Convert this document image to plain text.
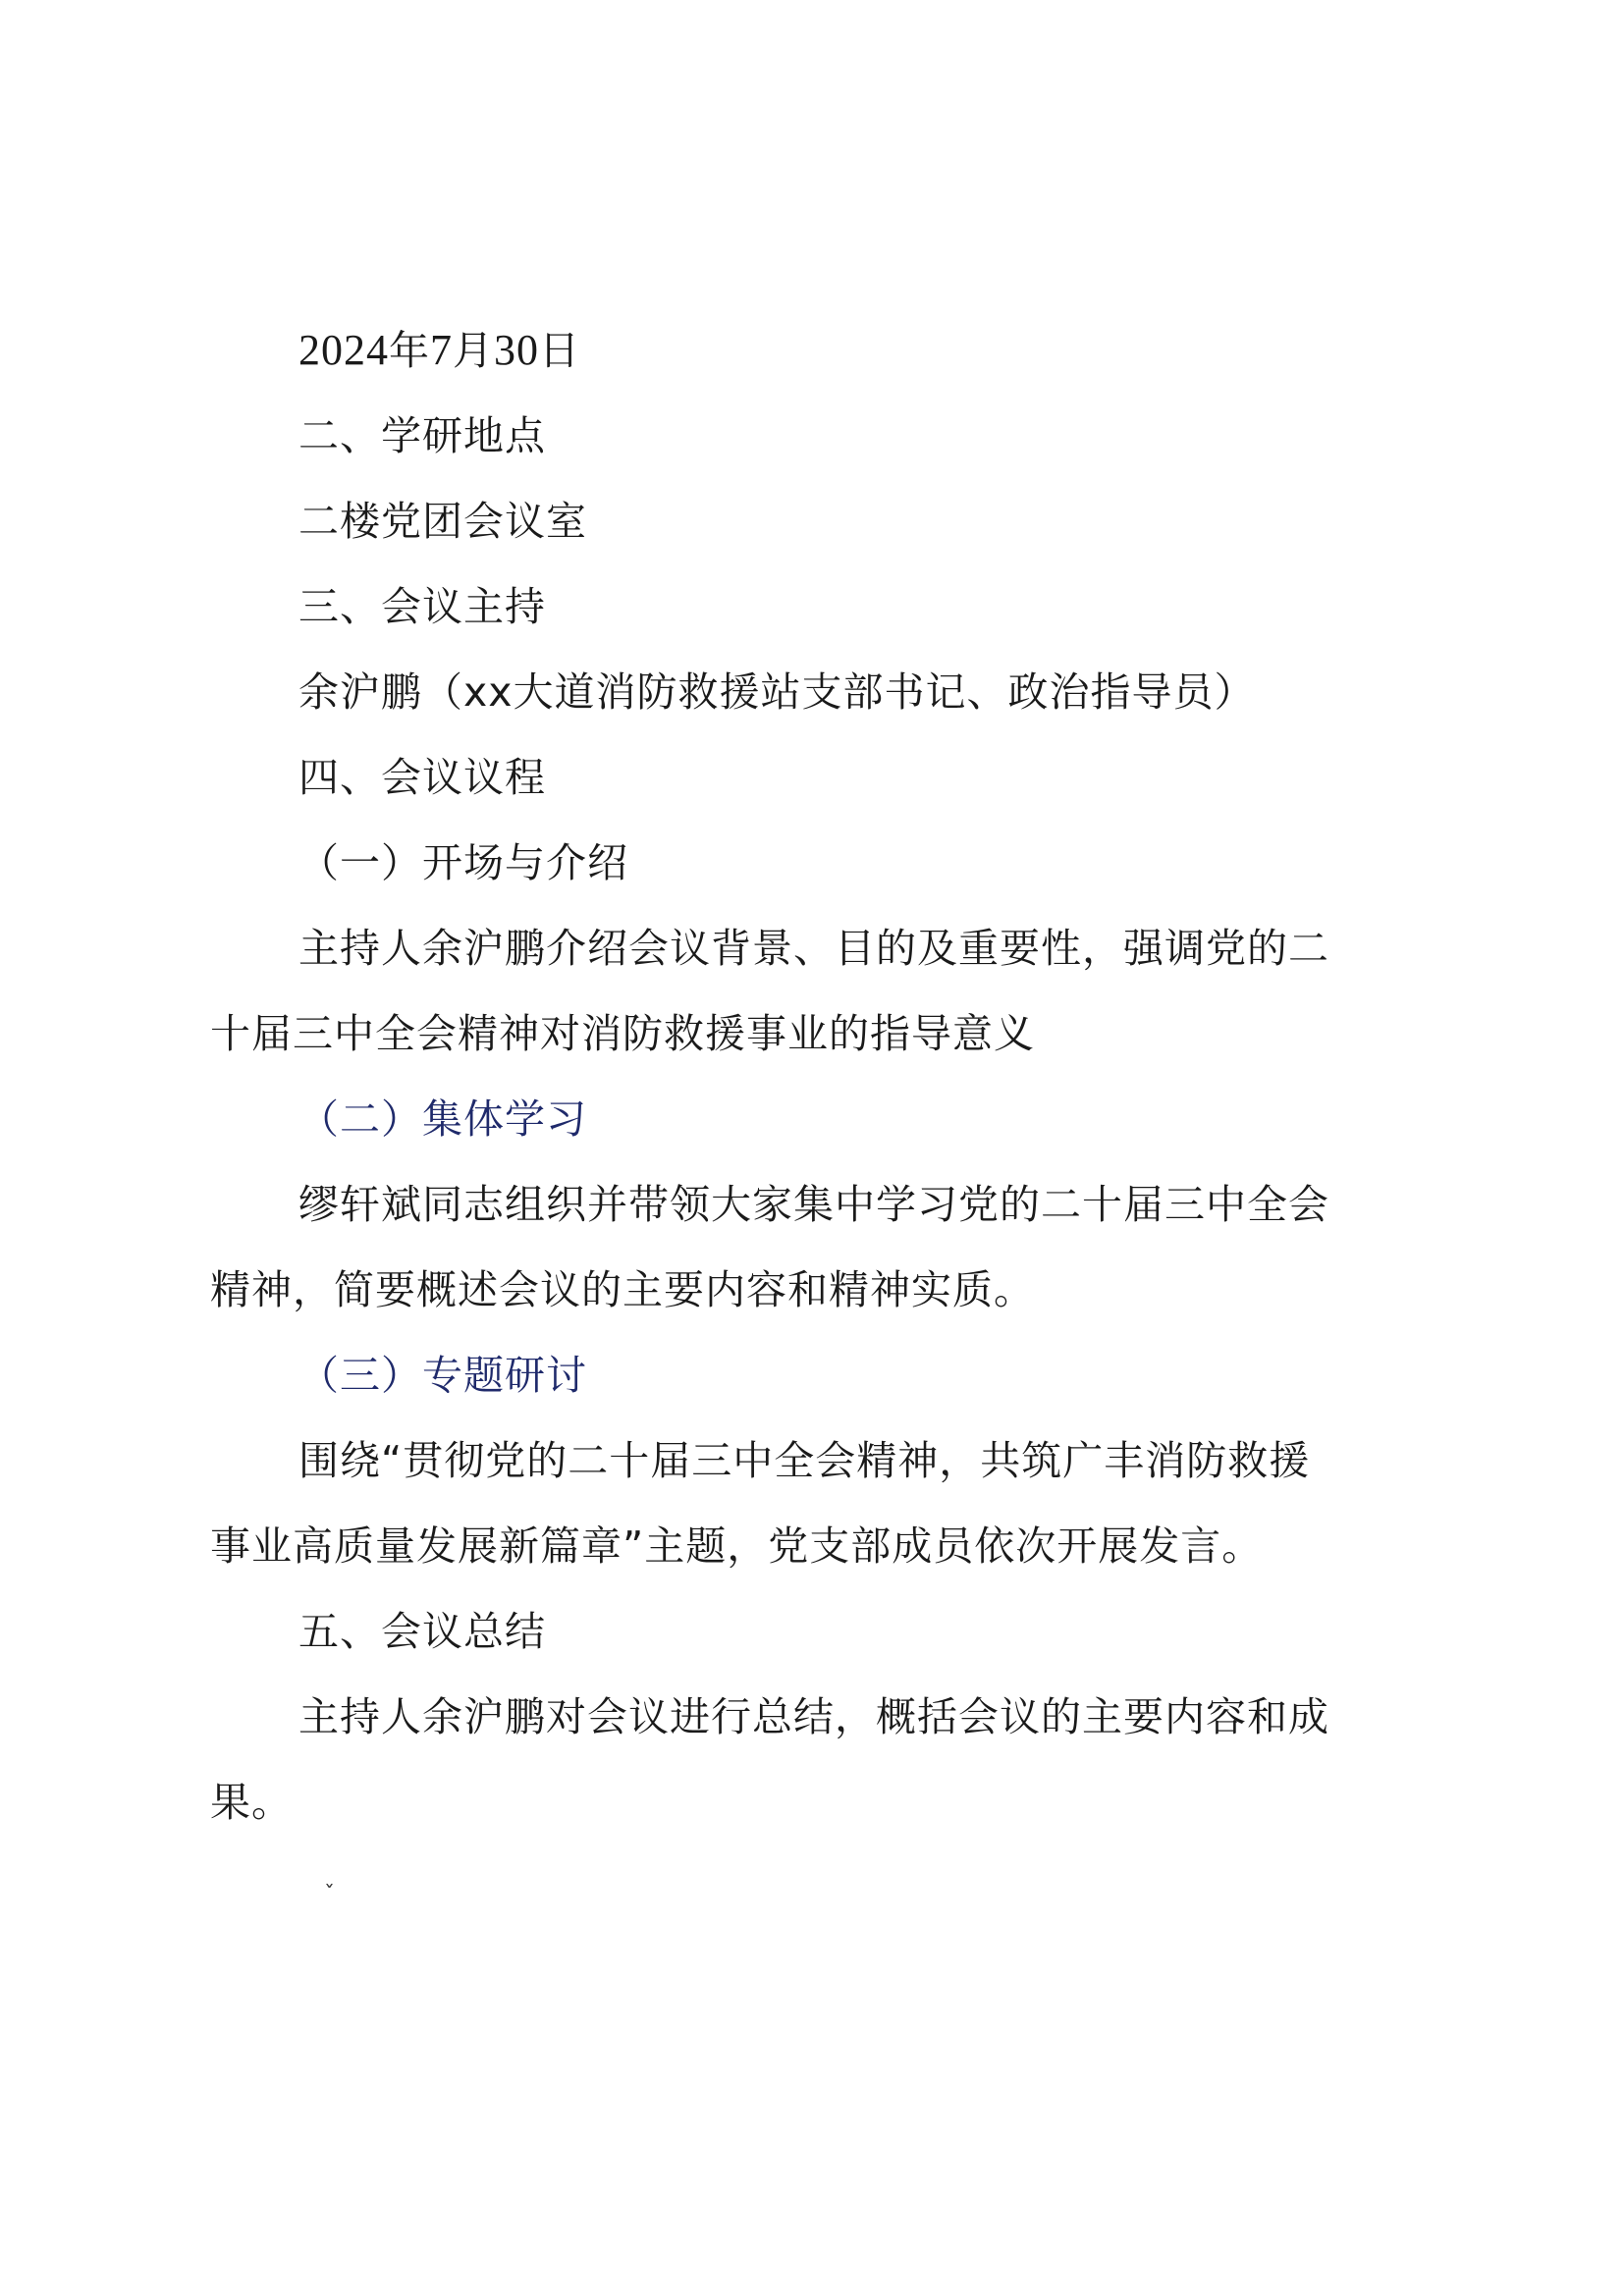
2024年7月30日
二、学研地点
二楼党团会议室
三、会议主持
余沪鹏（xx大道消防救援站支部书记、政治指导员）
四、会议议程
（一）开场与介绍
主持人余沪鹏介绍会议背景、目的及重要性，强调党的二
十届三中全会精神对消防救援事业的指导意义
（二）集体学习
缪轩斌同志组织并带领大家集中学习党的二十届三中全会
精神，简要概述会议的主要内容和精神实质。
（三）专题研讨
围绕“贯彻党的二十届三中全会精神，共筑广丰消防救援
事业高质量发展新篇章”主题，党支部成员依次开展发言。
五、会议总结
主持人余沪鹏对会议进行总结，概括会议的主要内容和成
果。
ˇ
